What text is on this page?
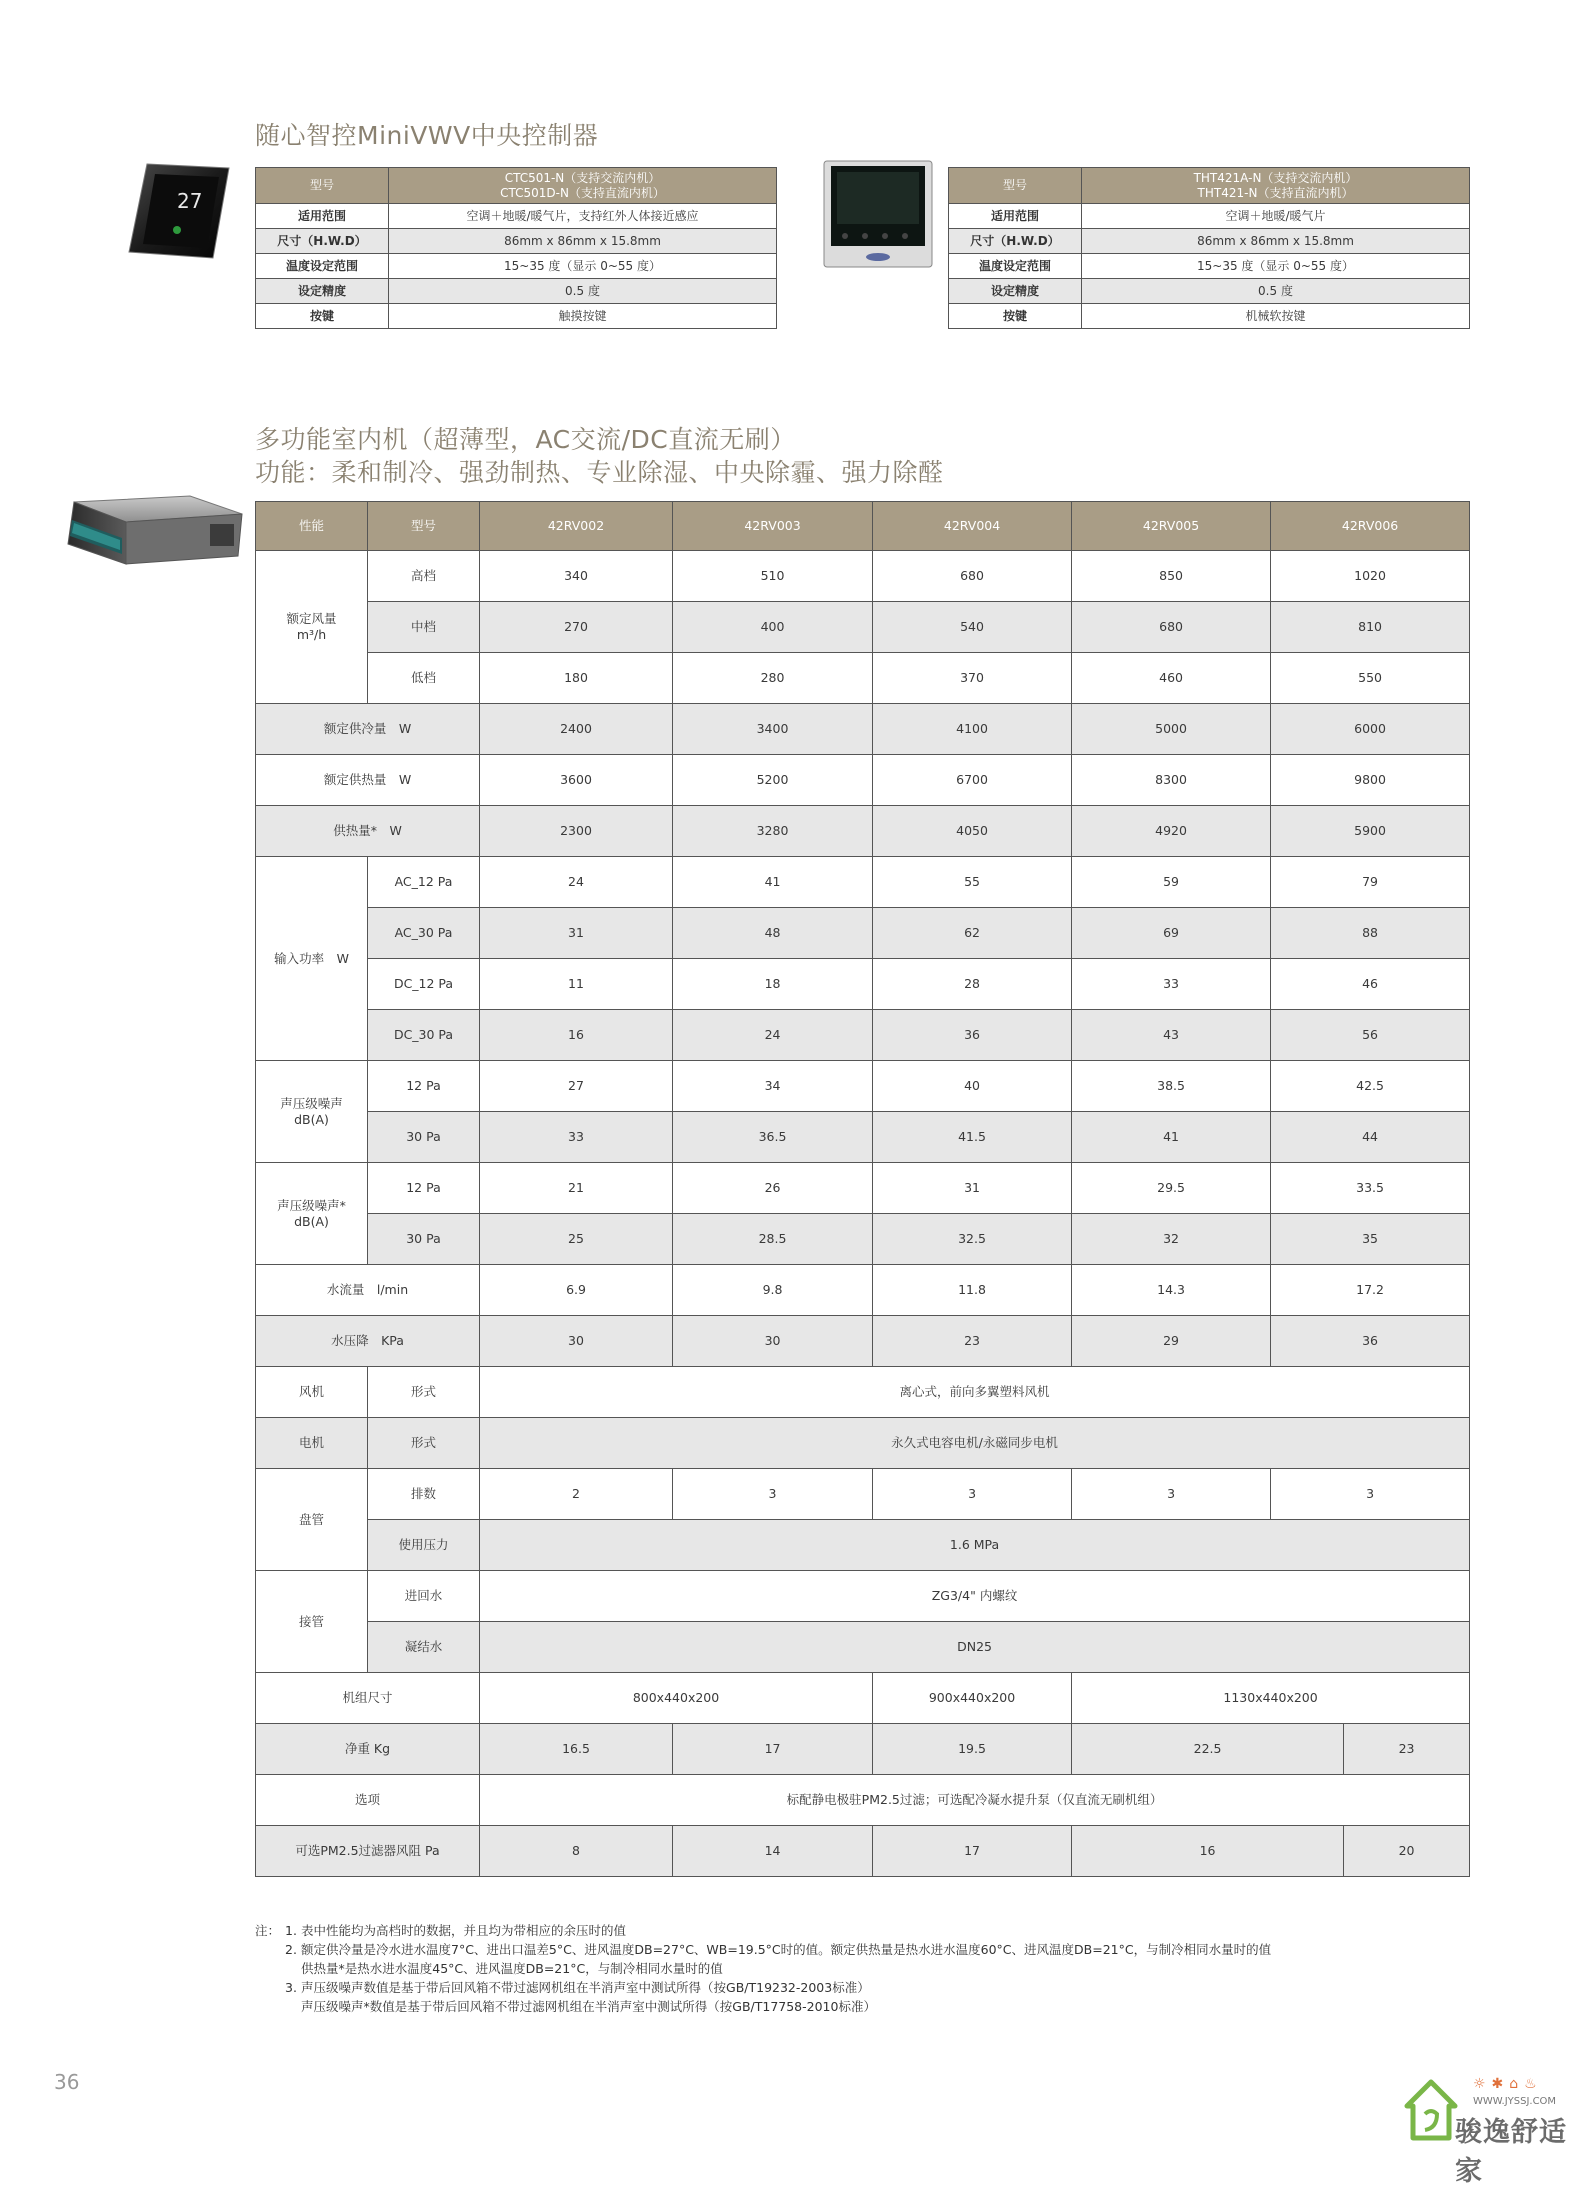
随心智控MiniVWV中央控制器
27
型号	CTC501-N（支持交流内机）
CTC501D-N（支持直流内机）

适用范围	空调＋地暖/暖气片，支持红外人体接近感应
尺寸（H.W.D）	86mm x 86mm x 15.8mm
温度设定范围	15~35 度（显示 0~55 度）
设定精度	0.5 度
按键	触摸按键
型号	THT421A-N（支持交流内机）
THT421-N（支持直流内机）

适用范围	空调＋地暖/暖气片
尺寸（H.W.D）	86mm x 86mm x 15.8mm
温度设定范围	15~35 度（显示 0~55 度）
设定精度	0.5 度
按键	机械软按键
多功能室内机（超薄型，AC交流/DC直流无刷）
功能：柔和制冷、强劲制热、专业除湿、中央除霾、强力除醛
性能	型号	42RV002	42RV003	42RV004	42RV005	42RV006	
额定风量
m³/h	高档	340	510	680	850	1020	
	中档	270	400	540	680	810	
	低档	180	280	370	460	550	
额定供冷量　W		2400	3400	4100	5000	6000	
额定供热量　W		3600	5200	6700	8300	9800	
供热量*　W		2300	3280	4050	4920	5900	
输入功率　W	AC_12 Pa	24	41	55	59	79	
	AC_30 Pa	31	48	62	69	88	
	DC_12 Pa	11	18	28	33	46	
	DC_30 Pa	16	24	36	43	56	
声压级噪声
dB(A)	12 Pa	27	34	40	38.5	42.5	
	30 Pa	33	36.5	41.5	41	44	
声压级噪声*
dB(A)	12 Pa	21	26	31	29.5	33.5	
	30 Pa	25	28.5	32.5	32	35	
水流量　l/min		6.9	9.8	11.8	14.3	17.2	
水压降　KPa		30	30	23	29	36	
风机	形式	离心式，前向多翼塑料风机					
电机	形式	永久式电容电机/永磁同步电机					
盘管	排数	2	3	3	3	3	
	使用压力	1.6 MPa					
接管	进回水	ZG3/4" 内螺纹					
	凝结水	DN25					
机组尺寸		800x440x200		900x440x200	1130x440x200		
净重 Kg		16.5	17	19.5	22.5		23
选项		标配静电极驻PM2.5过滤；可选配冷凝水提升泵（仅直流无刷机组）					
可选PM2.5过滤器风阻 Pa		8	14	17	16		20
注： 1. 表中性能均为高档时的数据，并且均为带相应的余压时的值
2. 额定供冷量是冷水进水温度7°C、进出口温差5°C、进风温度DB=27°C、WB=19.5°C时的值。额定供热量是热水进水温度60°C、进风温度DB=21°C，与制冷相同水量时的值
供热量*是热水进水温度45°C、进风温度DB=21°C，与制冷相同水量时的值
3. 声压级噪声数值是基于带后回风箱不带过滤网机组在半消声室中测试所得（按GB/T19232-2003标准）
声压级噪声*数值是基于带后回风箱不带过滤网机组在半消声室中测试所得（按GB/T17758-2010标准）
36	☼✱⌂♨
WWW.JYSSJ.COM
骏逸舒适家
